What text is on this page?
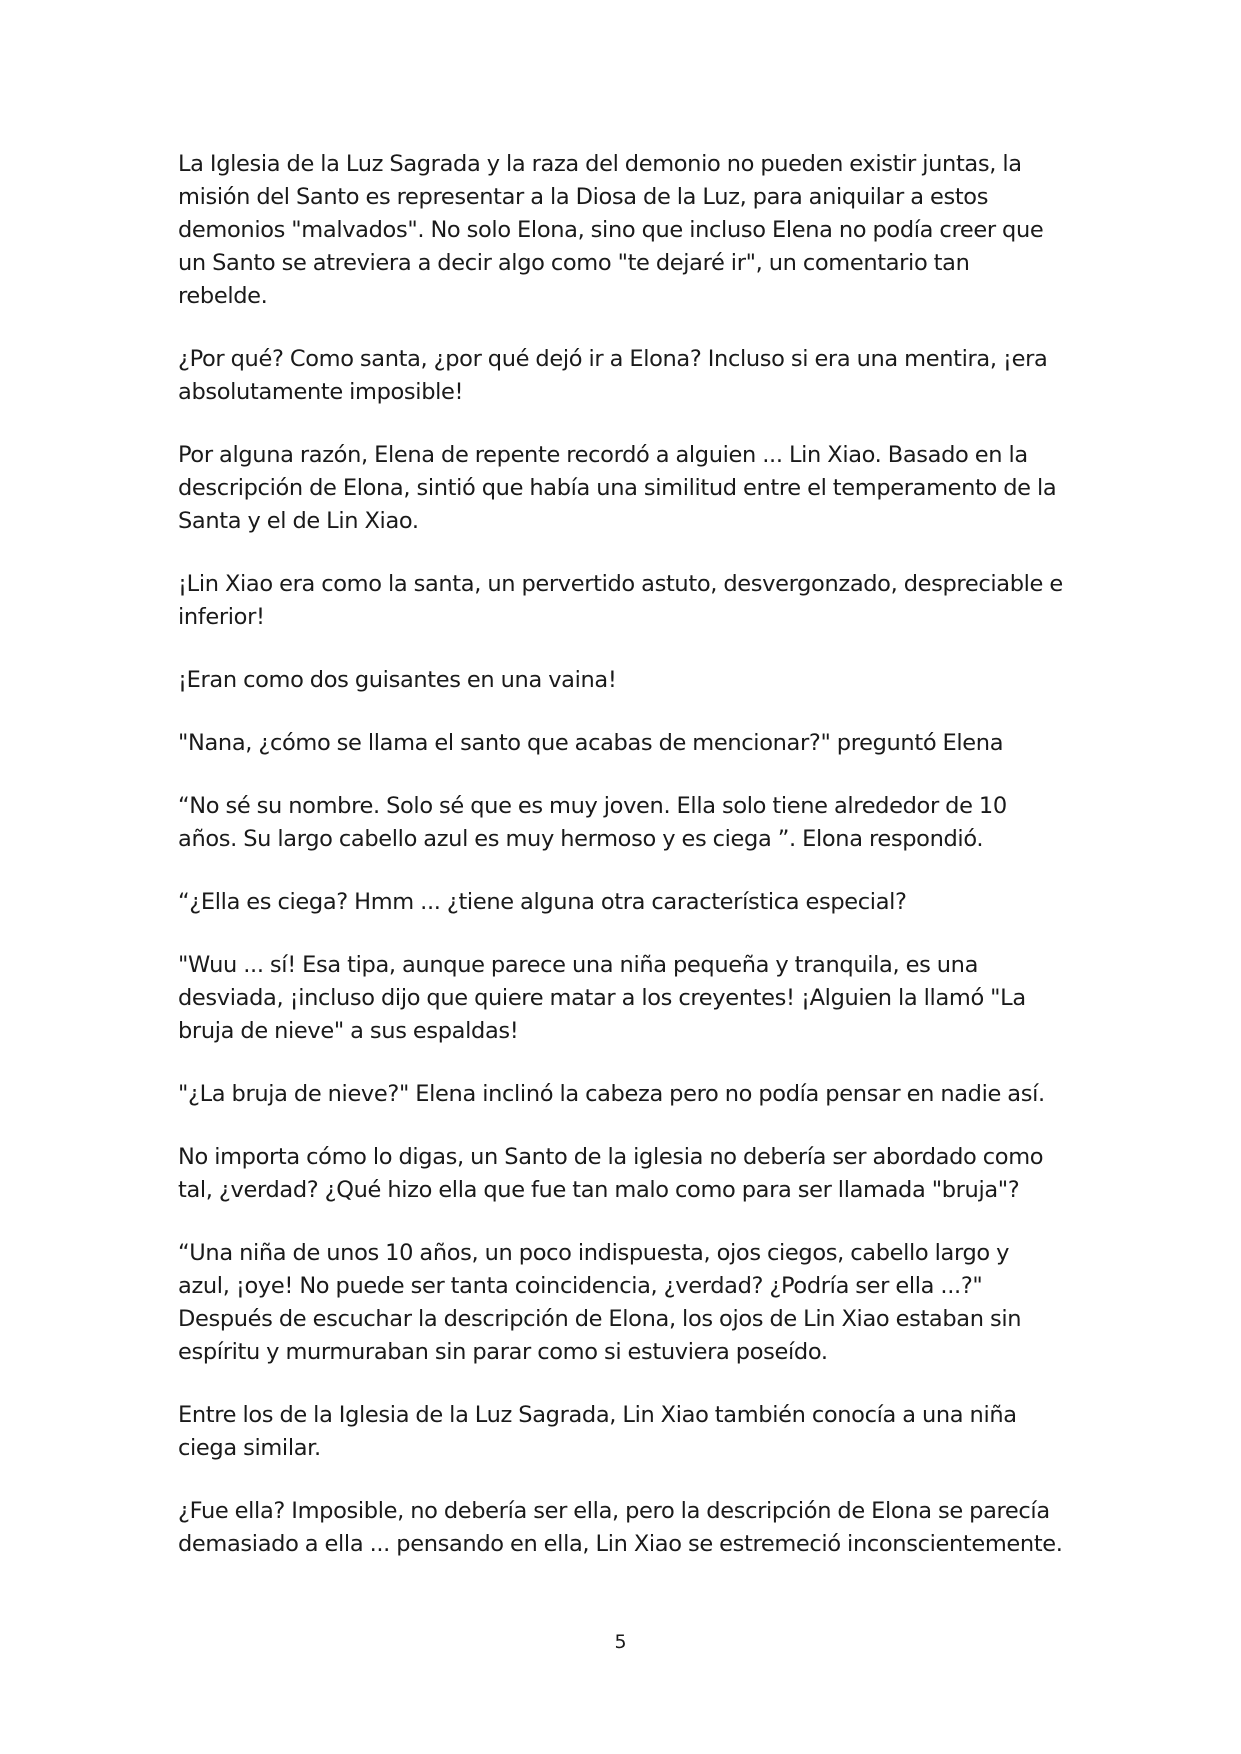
La Iglesia de la Luz Sagrada y la raza del demonio no pueden existir juntas, la
misión del Santo es representar a la Diosa de la Luz, para aniquilar a estos
demonios "malvados". No solo Elona, sino que incluso Elena no podía creer que
un Santo se atreviera a decir algo como "te dejaré ir", un comentario tan
rebelde.

¿Por qué? Como santa, ¿por qué dejó ir a Elona? Incluso si era una mentira, ¡era
absolutamente imposible!

Por alguna razón, Elena de repente recordó a alguien ... Lin Xiao. Basado en la
descripción de Elona, sintió que había una similitud entre el temperamento de la
Santa y el de Lin Xiao.

¡Lin Xiao era como la santa, un pervertido astuto, desvergonzado, despreciable e
inferior!

¡Eran como dos guisantes en una vaina!

"Nana, ¿cómo se llama el santo que acabas de mencionar?" preguntó Elena

“No sé su nombre. Solo sé que es muy joven. Ella solo tiene alrededor de 10
años. Su largo cabello azul es muy hermoso y es ciega ”. Elona respondió.

“¿Ella es ciega? Hmm ... ¿tiene alguna otra característica especial?

"Wuu ... sí! Esa tipa, aunque parece una niña pequeña y tranquila, es una
desviada, ¡incluso dijo que quiere matar a los creyentes! ¡Alguien la llamó "La
bruja de nieve" a sus espaldas!

"¿La bruja de nieve?" Elena inclinó la cabeza pero no podía pensar en nadie así.

No importa cómo lo digas, un Santo de la iglesia no debería ser abordado como
tal, ¿verdad? ¿Qué hizo ella que fue tan malo como para ser llamada "bruja"?

“Una niña de unos 10 años, un poco indispuesta, ojos ciegos, cabello largo y
azul, ¡oye! No puede ser tanta coincidencia, ¿verdad? ¿Podría ser ella ...?"
Después de escuchar la descripción de Elona, los ojos de Lin Xiao estaban sin
espíritu y murmuraban sin parar como si estuviera poseído.

Entre los de la Iglesia de la Luz Sagrada, Lin Xiao también conocía a una niña
ciega similar.

¿Fue ella? Imposible, no debería ser ella, pero la descripción de Elona se parecía
demasiado a ella ... pensando en ella, Lin Xiao se estremeció inconscientemente.

5
